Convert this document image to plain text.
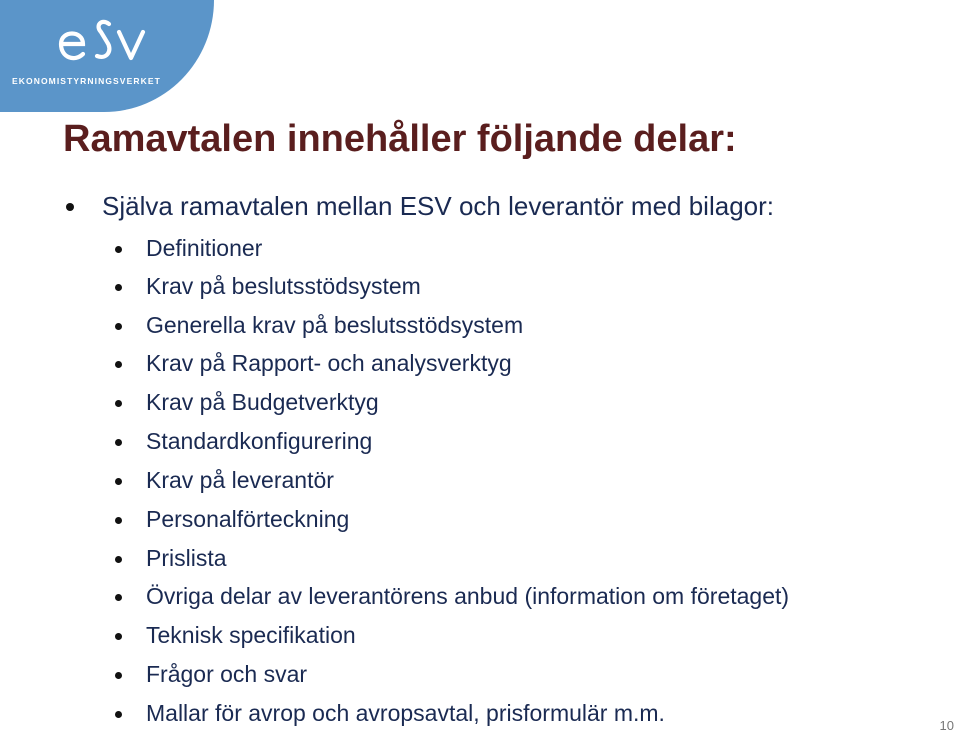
EKONOMISTYRNINGSVERKET
Ramavtalen innehåller följande delar:
Själva ramavtalen mellan ESV och leverantör med bilagor:
Definitioner
Krav på beslutsstödsystem
Generella krav på beslutsstödsystem
Krav på Rapport- och analysverktyg
Krav på Budgetverktyg
Standardkonfigurering
Krav på leverantör
Personalförteckning
Prislista
Övriga delar av leverantörens anbud (information om företaget)
Teknisk specifikation
Frågor och svar
Mallar för avrop och avropsavtal, prisformulär m.m.	10
